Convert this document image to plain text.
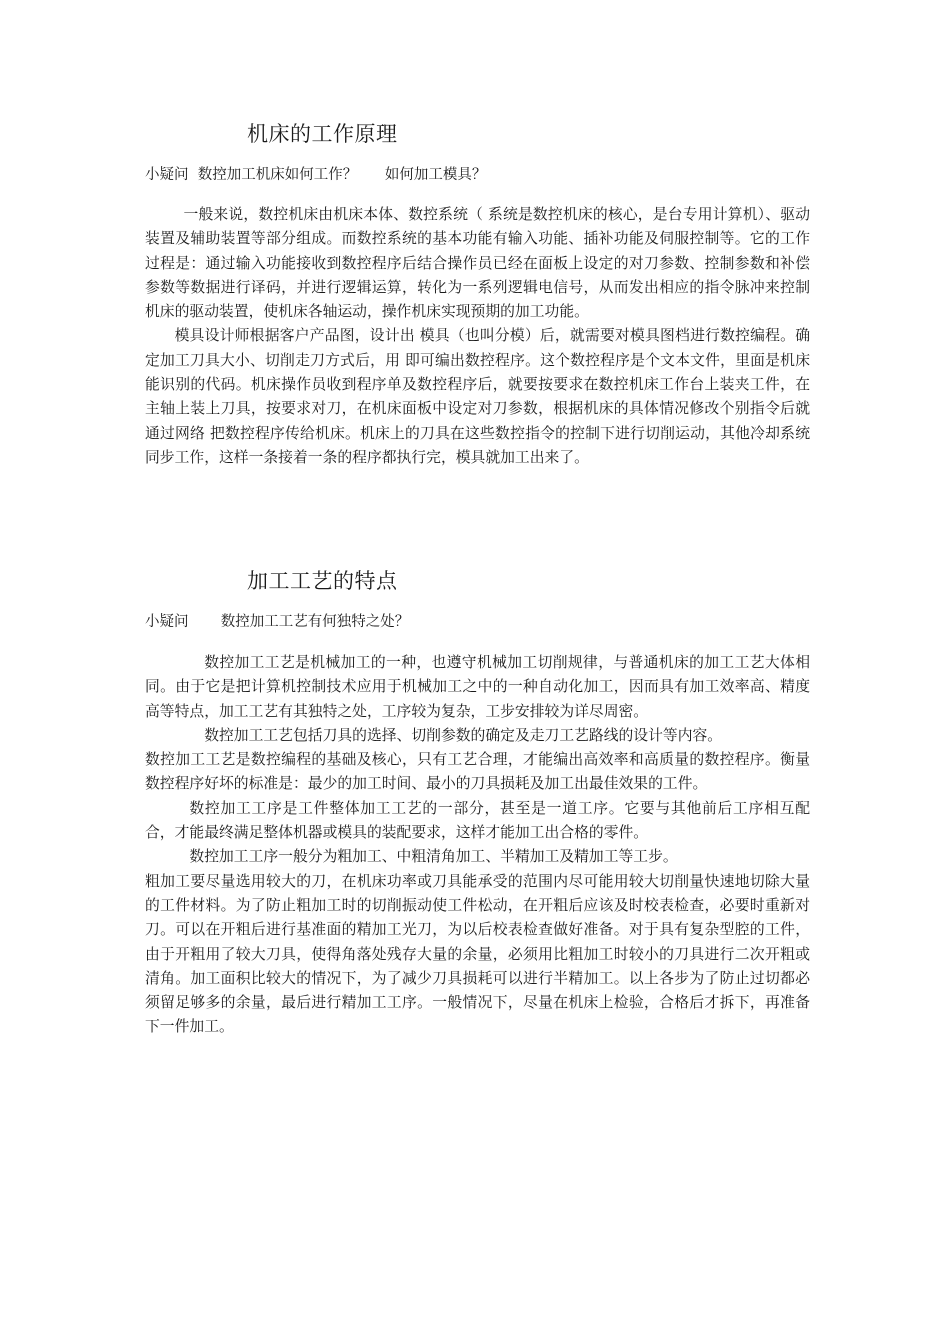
机床的工作原理

小疑问  数控加工机床如何工作？      如何加工模具？

一般来说，数控机床由机床本体、数控系统（ 系统是数控机床的核心，是台专用计算机）、驱动装置及辅助装置等部分组成。而数控系统的基本功能有输入功能、插补功能及伺服控制等。它的工作过程是：通过输入功能接收到数控程序后结合操作员已经在面板上设定的对刀参数、控制参数和补偿参数等数据进行译码，并进行逻辑运算，转化为一系列逻辑电信号，从而发出相应的指令脉冲来控制机床的驱动装置，使机床各轴运动，操作机床实现预期的加工功能。

模具设计师根据客户产品图，设计出 模具（也叫分模）后，就需要对模具图档进行数控编程。确定加工刀具大小、切削走刀方式后，用 即可编出数控程序。这个数控程序是个文本文件，里面是机床能识别的代码。机床操作员收到程序单及数控程序后，就要按要求在数控机床工作台上装夹工件，在主轴上装上刀具，按要求对刀，在机床面板中设定对刀参数，根据机床的具体情况修改个别指令后就通过网络 把数控程序传给机床。机床上的刀具在这些数控指令的控制下进行切削运动，其他冷却系统同步工作，这样一条接着一条的程序都执行完，模具就加工出来了。

加工工艺的特点

小疑问       数控加工工艺有何独特之处？

数控加工工艺是机械加工的一种，也遵守机械加工切削规律，与普通机床的加工工艺大体相同。由于它是把计算机控制技术应用于机械加工之中的一种自动化加工，因而具有加工效率高、精度高等特点，加工工艺有其独特之处，工序较为复杂，工步安排较为详尽周密。

数控加工工艺包括刀具的选择、切削参数的确定及走刀工艺路线的设计等内容。

数控加工工艺是数控编程的基础及核心，只有工艺合理，才能编出高效率和高质量的数控程序。衡量数控程序好坏的标准是：最少的加工时间、最小的刀具损耗及加工出最佳效果的工件。

数控加工工序是工件整体加工工艺的一部分，甚至是一道工序。它要与其他前后工序相互配合，才能最终满足整体机器或模具的装配要求，这样才能加工出合格的零件。

数控加工工序一般分为粗加工、中粗清角加工、半精加工及精加工等工步。

粗加工要尽量选用较大的刀，在机床功率或刀具能承受的范围内尽可能用较大切削量快速地切除大量的工件材料。为了防止粗加工时的切削振动使工件松动，在开粗后应该及时校表检查，必要时重新对刀。可以在开粗后进行基准面的精加工光刀，为以后校表检查做好准备。对于具有复杂型腔的工件，由于开粗用了较大刀具，使得角落处残存大量的余量，必须用比粗加工时较小的刀具进行二次开粗或清角。加工面积比较大的情况下，为了减少刀具损耗可以进行半精加工。以上各步为了防止过切都必须留足够多的余量，最后进行精加工工序。一般情况下，尽量在机床上检验，合格后才拆下，再准备下一件加工。
